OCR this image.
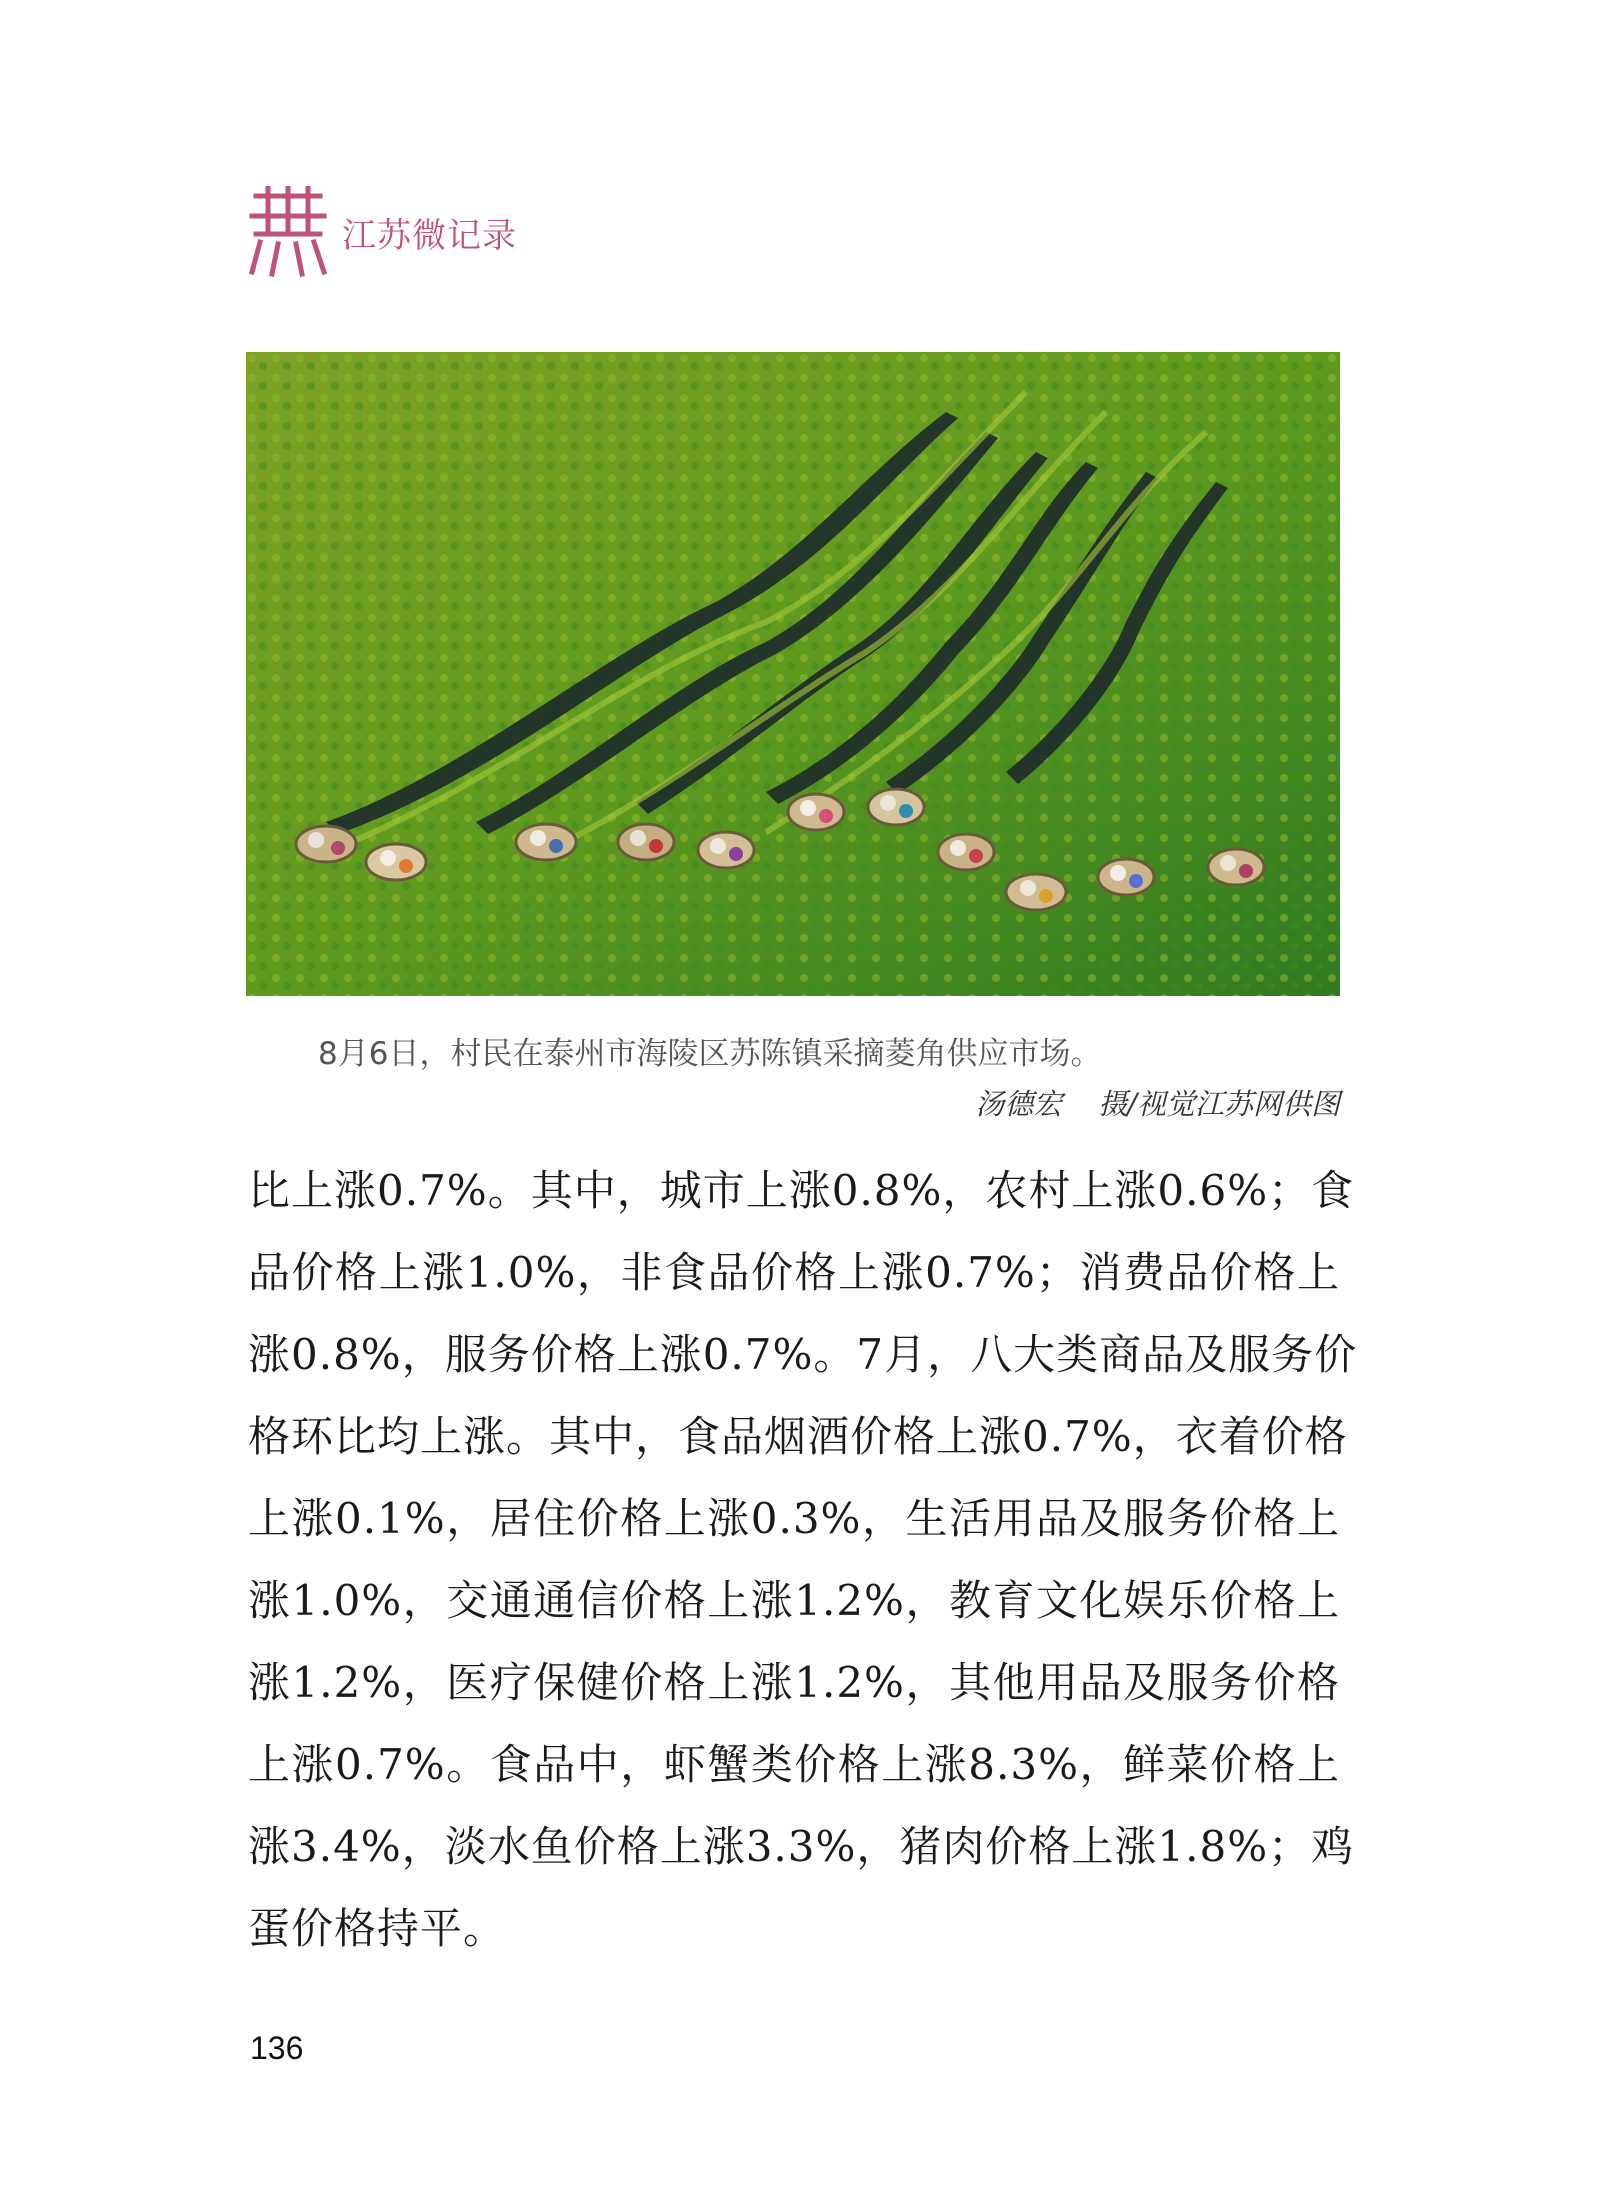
江苏微记录
8月6日，村民在泰州市海陵区苏陈镇采摘菱角供应市场。
汤德宏 摄/视觉江苏网供图
比上涨0.7%。其中，城市上涨0.8%，农村上涨0.6%；食
品价格上涨1.0%，非食品价格上涨0.7%；消费品价格上
涨0.8%，服务价格上涨0.7%。7月，八大类商品及服务价
格环比均上涨。其中，食品烟酒价格上涨0.7%，衣着价格
上涨0.1%，居住价格上涨0.3%，生活用品及服务价格上
涨1.0%，交通通信价格上涨1.2%，教育文化娱乐价格上
涨1.2%，医疗保健价格上涨1.2%，其他用品及服务价格
上涨0.7%。食品中，虾蟹类价格上涨8.3%，鲜菜价格上
涨3.4%，淡水鱼价格上涨3.3%，猪肉价格上涨1.8%；鸡
蛋价格持平。
136
